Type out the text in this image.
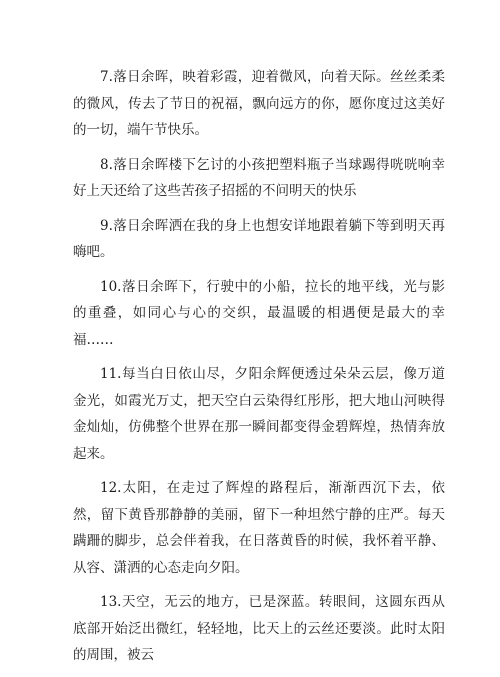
7.落日余晖，映着彩霞，迎着微风，向着天际。丝丝柔柔的微风，传去了节日的祝福，飘向远方的你，愿你度过这美好的一切，端午节快乐。

8.落日余晖楼下乞讨的小孩把塑料瓶子当球踢得咣咣响幸好上天还给了这些苦孩子招摇的不问明天的快乐

9.落日余晖洒在我的身上也想安详地跟着躺下等到明天再嗨吧。

10.落日余晖下，行驶中的小船，拉长的地平线，光与影的重叠，如同心与心的交织，最温暖的相遇便是最大的幸福……

11.每当白日依山尽，夕阳余辉便透过朵朵云层，像万道金光，如霞光万丈，把天空白云染得红彤彤，把大地山河映得金灿灿，仿佛整个世界在那一瞬间都变得金碧辉煌，热情奔放起来。

12.太阳，在走过了辉煌的路程后，渐渐西沉下去，依然，留下黄昏那静静的美丽，留下一种坦然宁静的庄严。每天蹒跚的脚步，总会伴着我，在日落黄昏的时候，我怀着平静、从容、潇洒的心态走向夕阳。

13.天空，无云的地方，已是深蓝。转眼间，这圆东西从底部开始泛出微红，轻轻地，比天上的云丝还要淡。此时太阳的周围，被云
